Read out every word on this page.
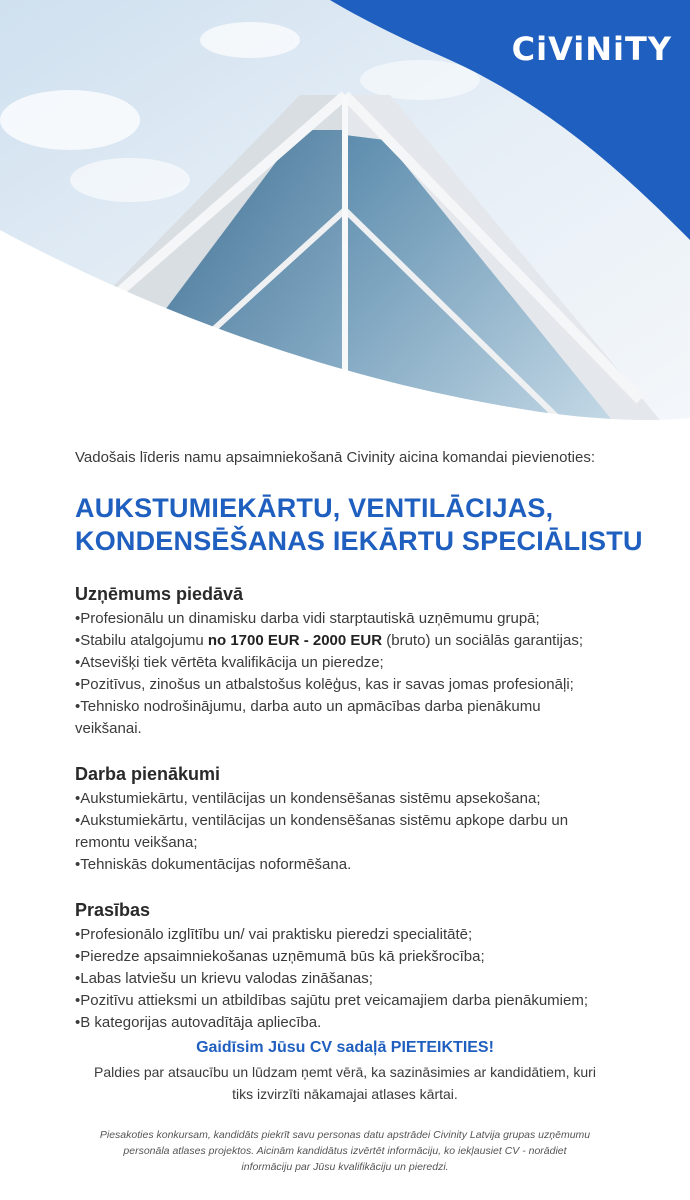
CiViNiTY

Vadošais līderis namu apsaimniekošanā Civinity aicina komandai pievienoties:

AUKSTUMIEKĀRTU, VENTILĀCIJAS,
KONDENSĒŠANAS IEKĀRTU SPECIĀLISTU
Uzņēmums piedāvā

•Profesionālu un dinamisku darba vidi starptautiskā uzņēmumu grupā;

•Stabilu atalgojumu no 1700 EUR - 2000 EUR (bruto) un sociālās garantijas;

•Atsevišķi tiek vērtēta kvalifikācija un pieredze;

•Pozitīvus, zinošus un atbalstošus kolēģus, kas ir savas jomas profesionāļi;

•Tehnisko nodrošinājumu, darba auto un apmācības darba pienākumu

veikšanai.

Darba pienākumi

•Aukstumiekārtu, ventilācijas un kondensēšanas sistēmu apsekošana;

•Aukstumiekārtu, ventilācijas un kondensēšanas sistēmu apkope darbu un

remontu veikšana;

•Tehniskās dokumentācijas noformēšana.

Prasības

•Profesionālo izglītību un/ vai praktisku pieredzi specialitātē;

•Pieredze apsaimniekošanas uzņēmumā būs kā priekšrocība;

•Labas latviešu un krievu valodas zināšanas;

•Pozitīvu attieksmi un atbildības sajūtu pret veicamajiem darba pienākumiem;

•B kategorijas autovadītāja apliecība.

Gaidīsim Jūsu CV sadaļā PIETEIKTIES!
Paldies par atsaucību un lūdzam ņemt vērā, ka sazināsimies ar kandidātiem, kuri
tiks izvirzīti nākamajai atlases kārtai.
Piesakoties konkursam, kandidāts piekrīt savu personas datu apstrādei Civinity Latvija grupas uzņēmumu
personāla atlases projektos. Aicinām kandidātus izvērtēt informāciju, ko iekļausiet CV - norādiet
informāciju par Jūsu kvalifikāciju un pieredzi.
